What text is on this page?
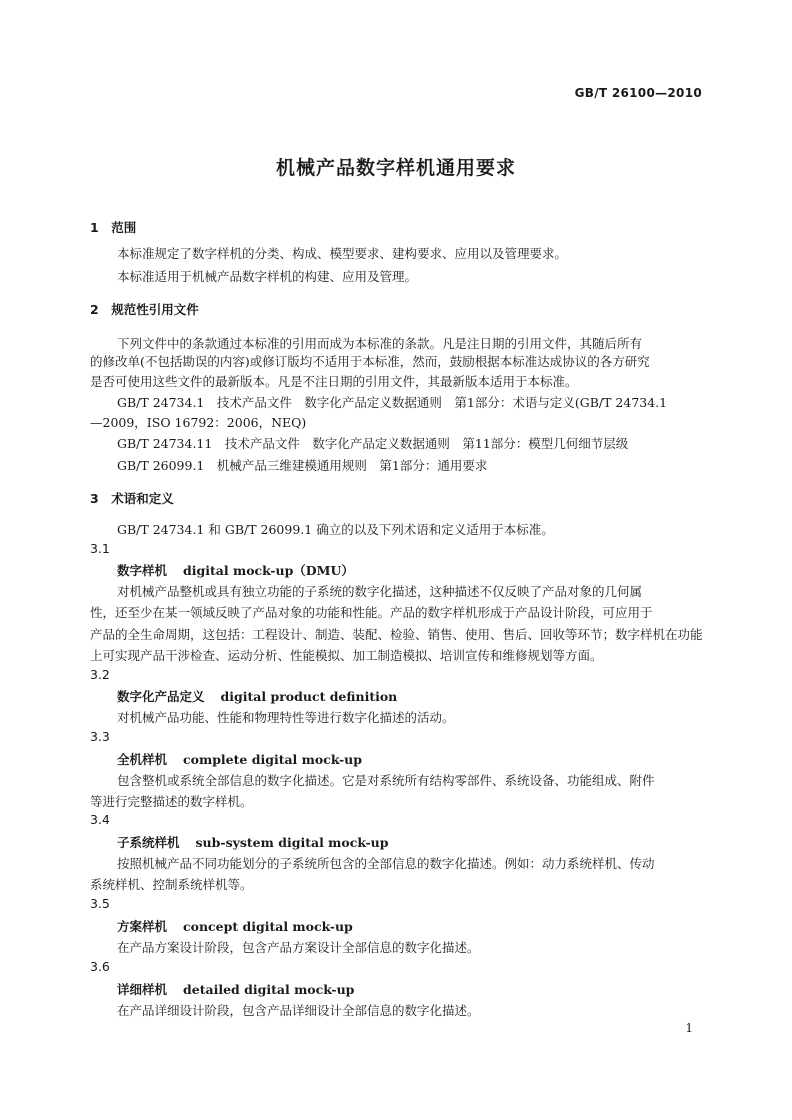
GB/T 26100—2010
机械产品数字样机通用要求
1　范围
本标准规定了数字样机的分类、构成、模型要求、建构要求、应用以及管理要求。
本标准适用于机械产品数字样机的构建、应用及管理。
2　规范性引用文件
下列文件中的条款通过本标准的引用而成为本标准的条款。凡是注日期的引用文件，其随后所有
的修改单(不包括勘误的内容)或修订版均不适用于本标准，然而，鼓励根据本标准达成协议的各方研究
是否可使用这些文件的最新版本。凡是不注日期的引用文件，其最新版本适用于本标准。
GB/T 24734.1　技术产品文件　数字化产品定义数据通则　第1部分：术语与定义(GB/T 24734.1
—2009，ISO 16792：2006，NEQ)
GB/T 24734.11　技术产品文件　数字化产品定义数据通则　第11部分：模型几何细节层级
GB/T 26099.1　机械产品三维建模通用规则　第1部分：通用要求
3　术语和定义
GB/T 24734.1 和 GB/T 26099.1 确立的以及下列术语和定义适用于本标准。
3.1
数字样机 digital mock-up（DMU）
对机械产品整机或具有独立功能的子系统的数字化描述，这种描述不仅反映了产品对象的几何属
性，还至少在某一领域反映了产品对象的功能和性能。产品的数字样机形成于产品设计阶段，可应用于
产品的全生命周期，这包括：工程设计、制造、装配、检验、销售、使用、售后、回收等环节；数字样机在功能
上可实现产品干涉检查、运动分析、性能模拟、加工制造模拟、培训宣传和维修规划等方面。
3.2
数字化产品定义 digital product definition
对机械产品功能、性能和物理特性等进行数字化描述的活动。
3.3
全机样机 complete digital mock-up
包含整机或系统全部信息的数字化描述。它是对系统所有结构零部件、系统设备、功能组成、附件
等进行完整描述的数字样机。
3.4
子系统样机 sub-system digital mock-up
按照机械产品不同功能划分的子系统所包含的全部信息的数字化描述。例如：动力系统样机、传动
系统样机、控制系统样机等。
3.5
方案样机 concept digital mock-up
在产品方案设计阶段，包含产品方案设计全部信息的数字化描述。
3.6
详细样机 detailed digital mock-up
在产品详细设计阶段，包含产品详细设计全部信息的数字化描述。
1
